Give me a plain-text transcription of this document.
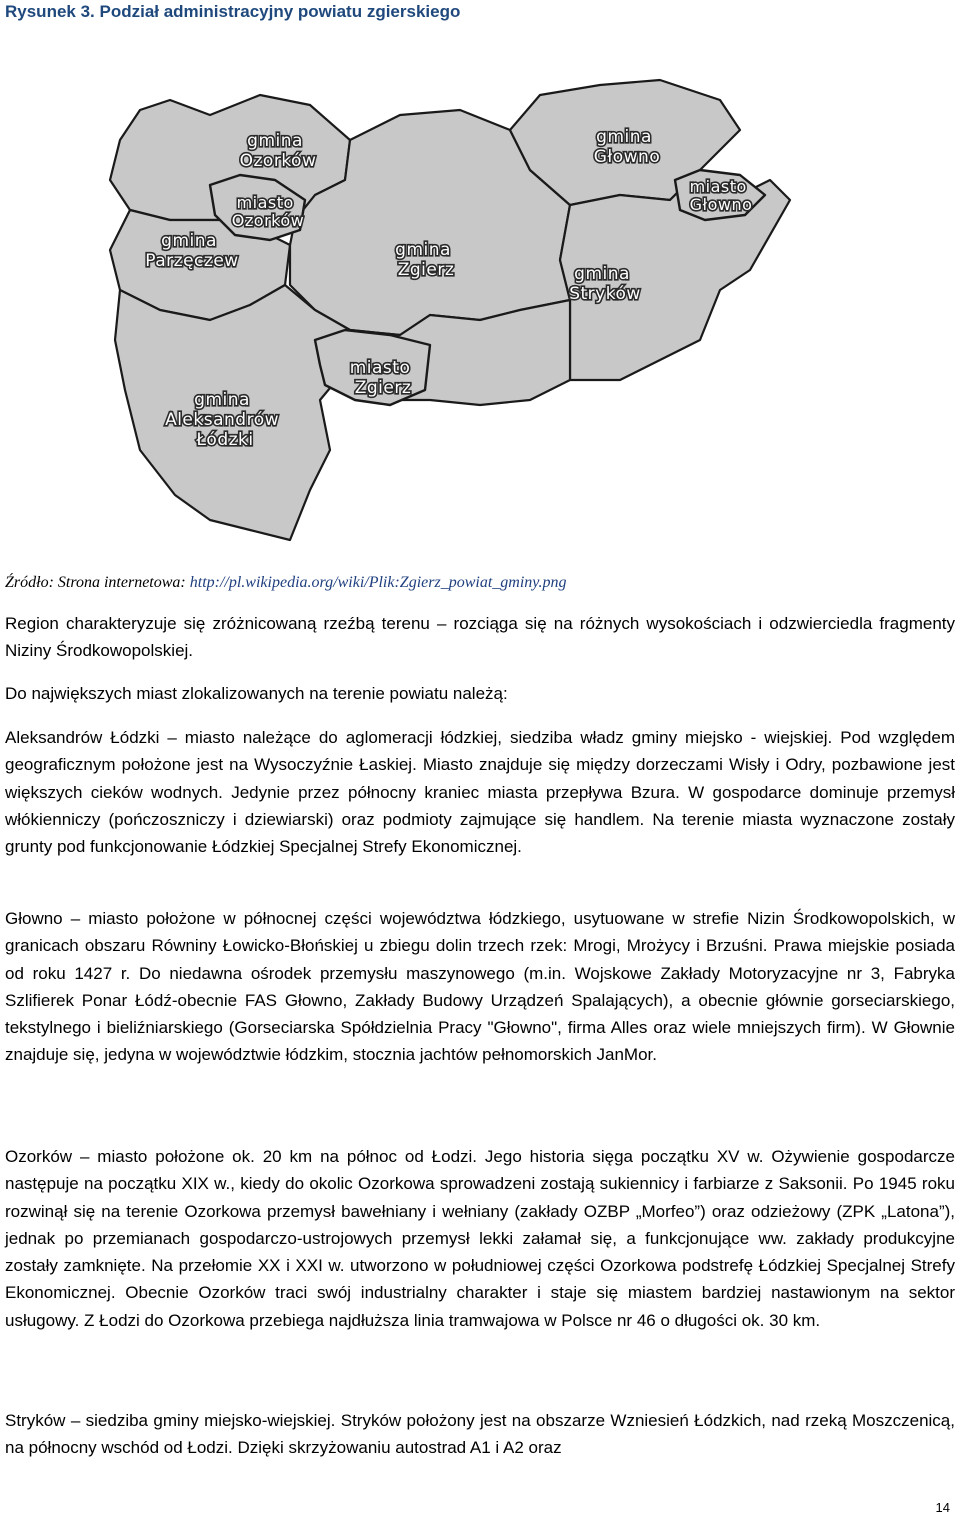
Rysunek 3. Podział administracyjny powiatu zgierskiego
gmina Ozorków
miasto Ozorków
gmina Parzęczew
gmina Zgierz
gmina Głowno
miasto Głowno
gmina Stryków
miasto Zgierz
gmina Aleksandrów Łódzki
Źródło: Strona internetowa: http://pl.wikipedia.org/wiki/Plik:Zgierz_powiat_gminy.png

Region charakteryzuje się zróżnicowaną rzeźbą terenu – rozciąga się na różnych wysokościach i odzwierciedla fragmenty Niziny Środkowopolskiej.

Do największych miast zlokalizowanych na terenie powiatu należą:

Aleksandrów Łódzki – miasto należące do aglomeracji łódzkiej, siedziba władz gminy miejsko - wiejskiej. Pod względem geograficznym położone jest na Wysoczyźnie Łaskiej. Miasto znajduje się między dorzeczami Wisły i Odry, pozbawione jest większych cieków wodnych. Jedynie przez północny kraniec miasta przepływa Bzura. W gospodarce dominuje przemysł włókienniczy (pończoszniczy i dziewiarski) oraz podmioty zajmujące się handlem. Na terenie miasta wyznaczone zostały grunty pod funkcjonowanie Łódzkiej Specjalnej Strefy Ekonomicznej.

Głowno – miasto położone w północnej części województwa łódzkiego, usytuowane w strefie Nizin Środkowopolskich, w granicach obszaru Równiny Łowicko-Błońskiej u zbiegu dolin trzech rzek: Mrogi, Mrożycy i Brzuśni. Prawa miejskie posiada od roku 1427 r. Do niedawna ośrodek przemysłu maszynowego (m.in. Wojskowe Zakłady Motoryzacyjne nr 3, Fabryka Szlifierek Ponar Łódź-obecnie FAS Głowno, Zakłady Budowy Urządzeń Spalających), a obecnie głównie gorseciarskiego, tekstylnego i bieliźniarskiego (Gorseciarska Spółdzielnia Pracy "Głowno", firma Alles oraz wiele mniejszych firm). W Głownie znajduje się, jedyna w województwie łódzkim, stocznia jachtów pełnomorskich JanMor.

Ozorków – miasto położone ok. 20 km na północ od Łodzi. Jego historia sięga początku XV w. Ożywienie gospodarcze następuje na początku XIX w., kiedy do okolic Ozorkowa sprowadzeni zostają sukiennicy i farbiarze z Saksonii. Po 1945 roku rozwinął się na terenie Ozorkowa przemysł bawełniany i wełniany (zakłady OZBP „Morfeo”) oraz odzieżowy (ZPK „Latona”), jednak po przemianach gospodarczo-ustrojowych przemysł lekki załamał się, a funkcjonujące ww. zakłady produkcyjne zostały zamknięte. Na przełomie XX i XXI w. utworzono w południowej części Ozorkowa podstrefę Łódzkiej Specjalnej Strefy Ekonomicznej. Obecnie Ozorków traci swój industrialny charakter i staje się miastem bardziej nastawionym na sektor usługowy. Z Łodzi do Ozorkowa przebiega najdłuższa linia tramwajowa w Polsce nr 46 o długości ok. 30 km.

Stryków – siedziba gminy miejsko-wiejskiej. Stryków położony jest na obszarze Wzniesień Łódzkich, nad rzeką Moszczenicą, na północny wschód od Łodzi. Dzięki skrzyżowaniu autostrad A1 i A2 oraz

14
